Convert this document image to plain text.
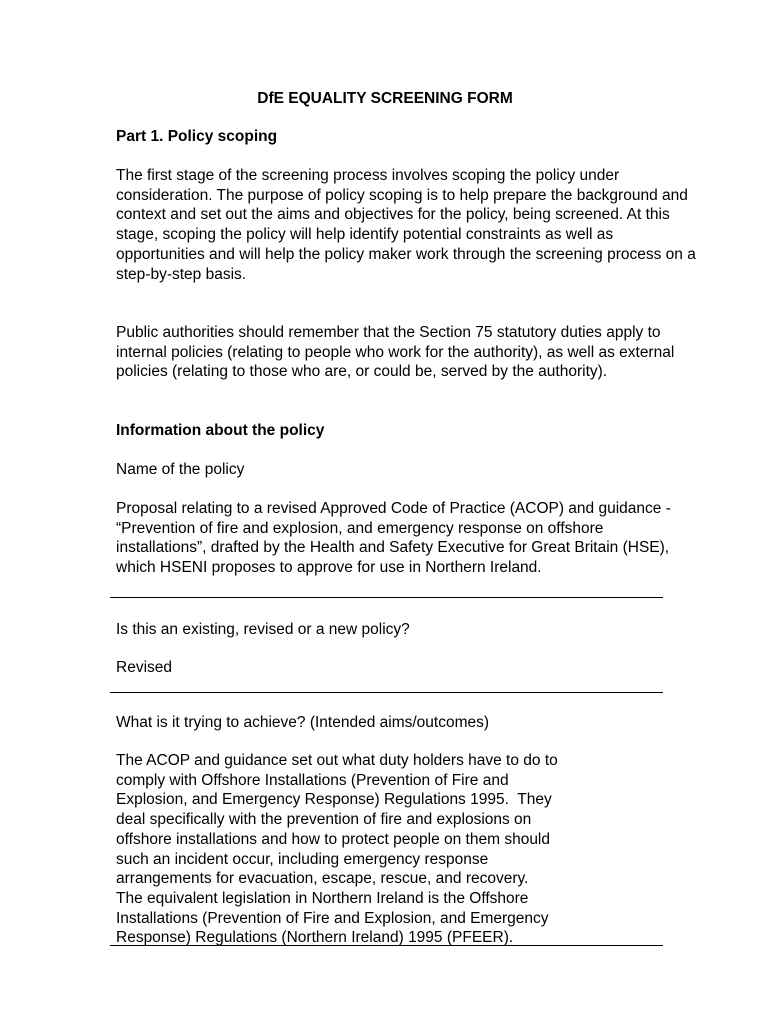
DfE EQUALITY SCREENING FORM

Part 1. Policy scoping

The first stage of the screening process involves scoping the policy under consideration. The purpose of policy scoping is to help prepare the background and context and set out the aims and objectives for the policy, being screened. At this stage, scoping the policy will help identify potential constraints as well as opportunities and will help the policy maker work through the screening process on a step-by-step basis.

Public authorities should remember that the Section 75 statutory duties apply to internal policies (relating to people who work for the authority), as well as external policies (relating to those who are, or could be, served by the authority).

Information about the policy

Name of the policy

Proposal relating to a revised Approved Code of Practice (ACOP) and guidance - “Prevention of fire and explosion, and emergency response on offshore installations”, drafted by the Health and Safety Executive for Great Britain (HSE), which HSENI proposes to approve for use in Northern Ireland.

Is this an existing, revised or a new policy?

Revised

What is it trying to achieve? (Intended aims/outcomes)

The ACOP and guidance set out what duty holders have to do to
comply with Offshore Installations (Prevention of Fire and
Explosion, and Emergency Response) Regulations 1995.  They
deal specifically with the prevention of fire and explosions on
offshore installations and how to protect people on them should
such an incident occur, including emergency response
arrangements for evacuation, escape, rescue, and recovery.
The equivalent legislation in Northern Ireland is the Offshore
Installations (Prevention of Fire and Explosion, and Emergency
Response) Regulations (Northern Ireland) 1995 (PFEER).
